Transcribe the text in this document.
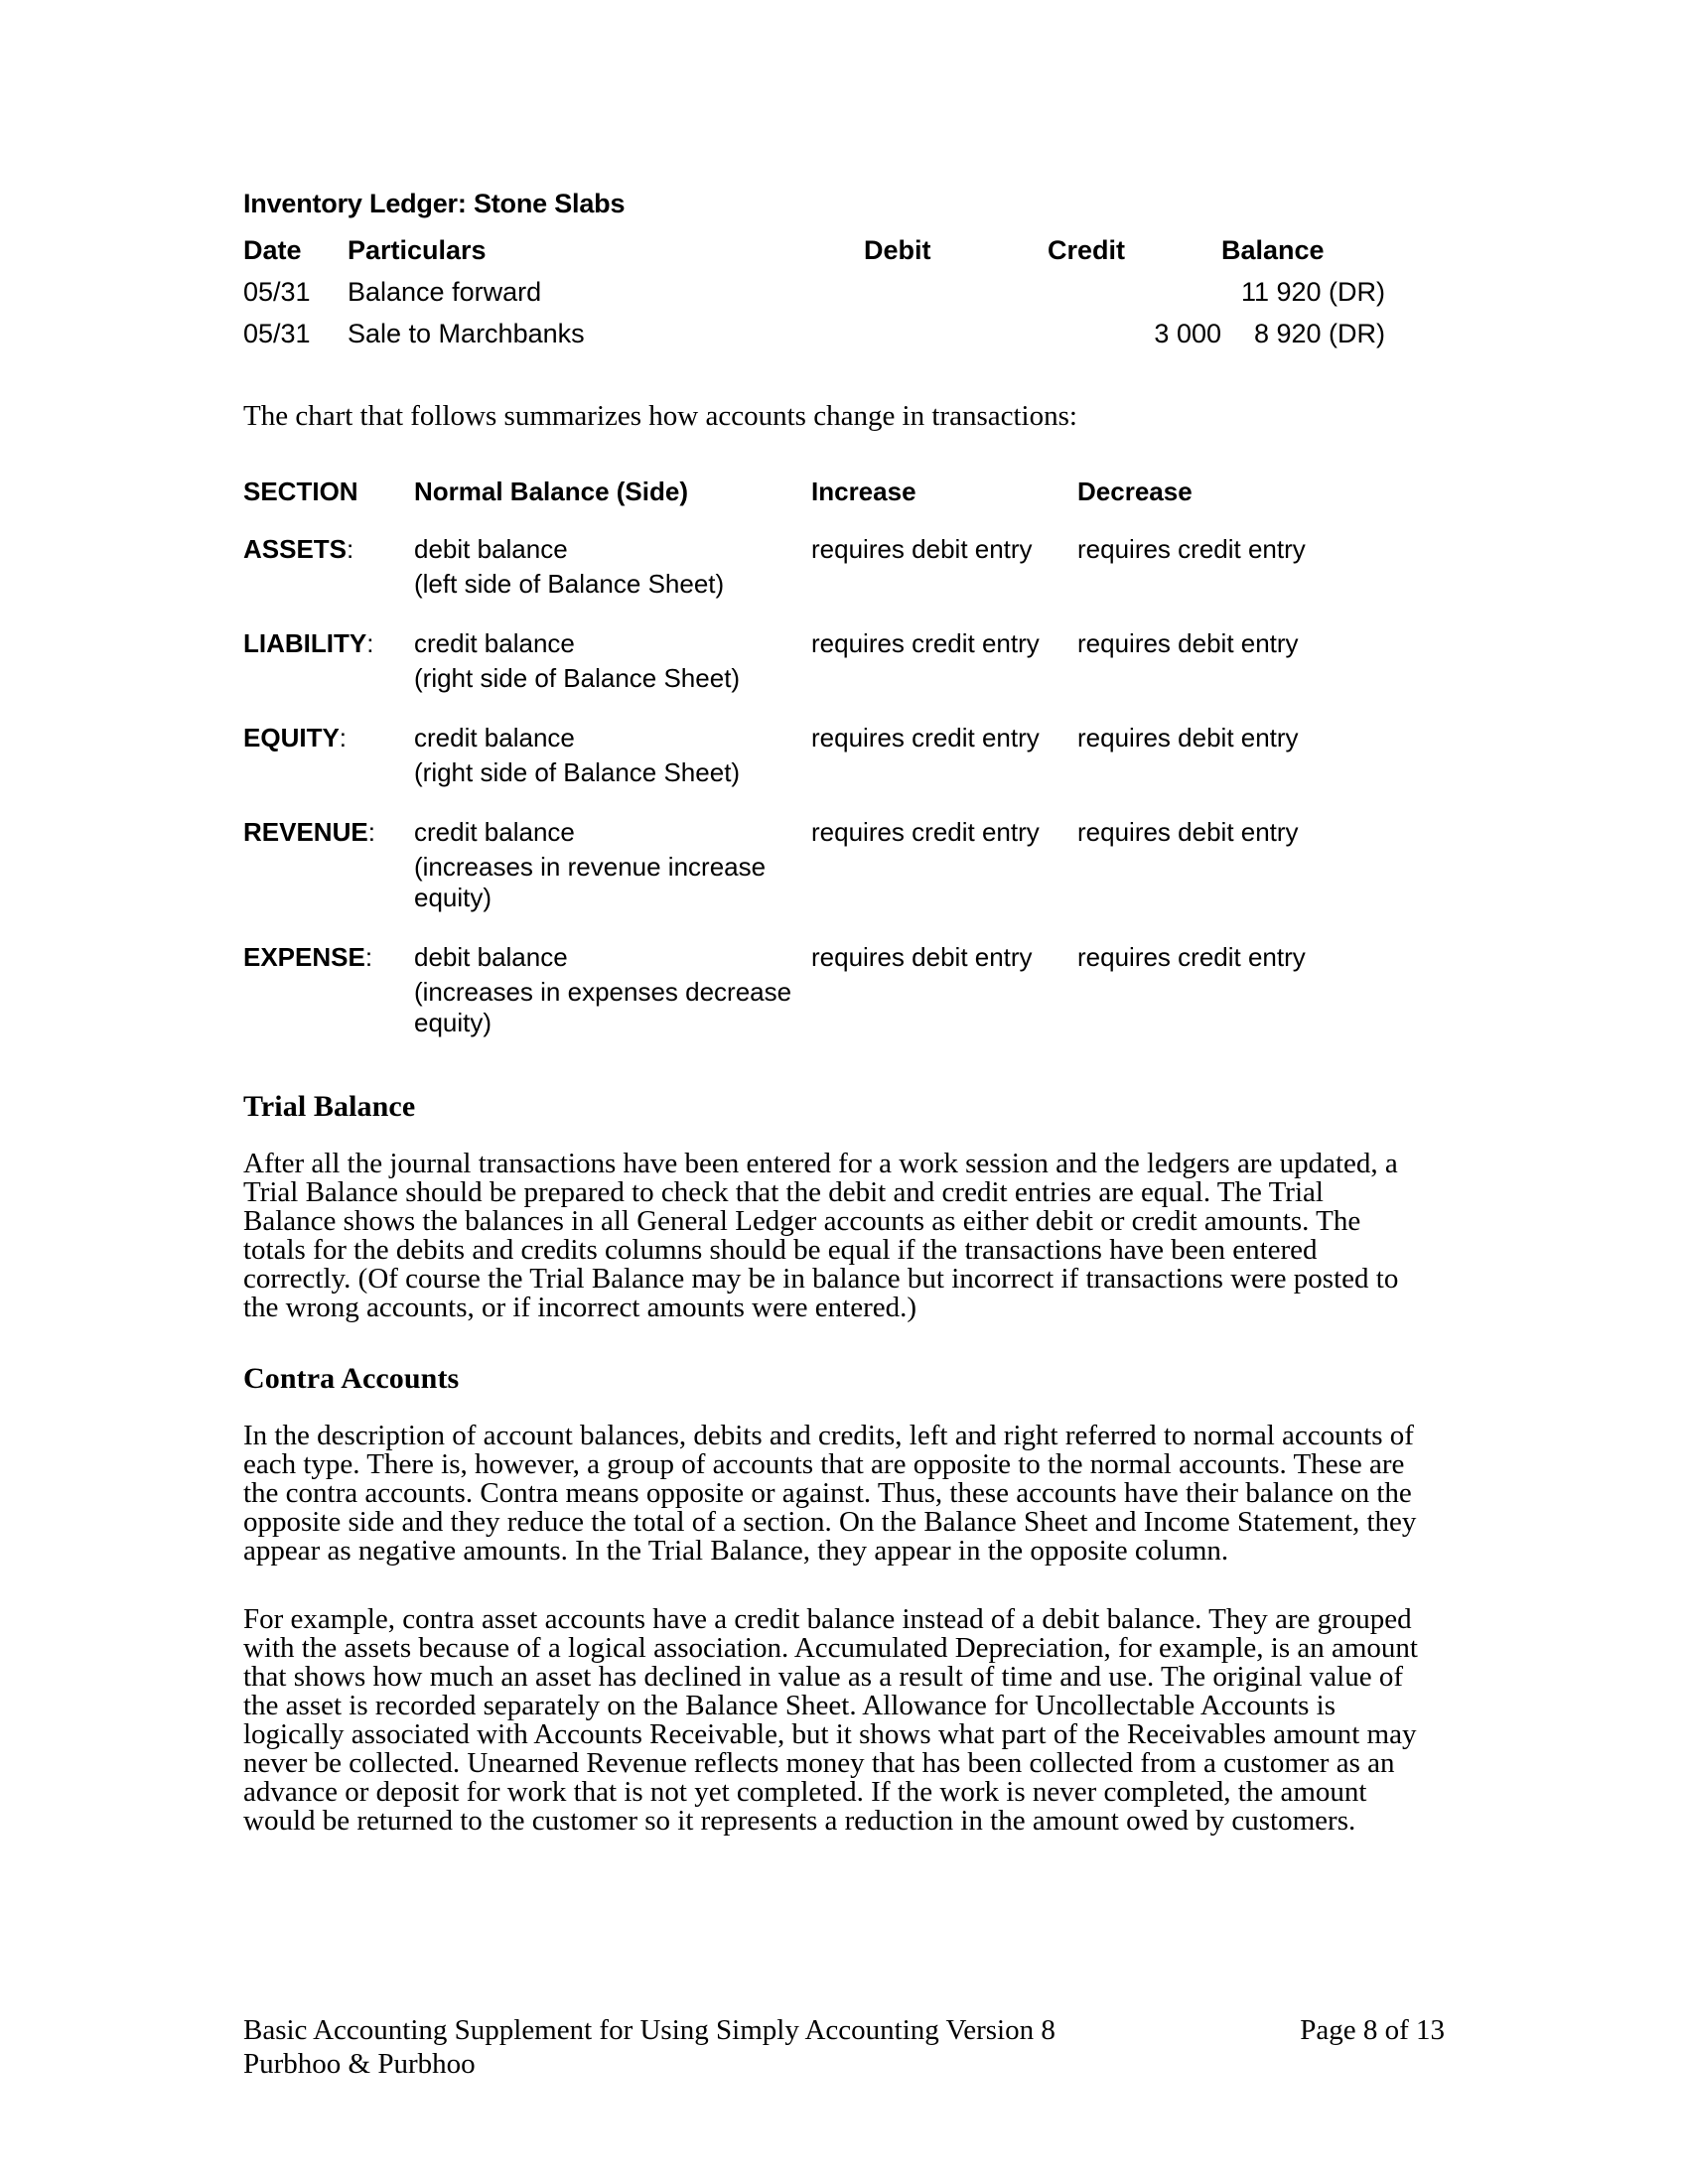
Inventory Ledger: Stone Slabs
Date	Particulars	Debit	Credit	Balance
05/31	Balance forward			11 920 (DR)
05/31	Sale to Marchbanks		3 000	8 920 (DR)

The chart that follows summarizes how accounts change in transactions:

SECTION	Normal Balance (Side)	Increase	Decrease
ASSETS:	debit balance	requires debit entry	requires credit entry
	(left side of Balance Sheet)		
LIABILITY:	credit balance	requires credit entry	requires debit entry
	(right side of Balance Sheet)		
EQUITY:	credit balance	requires credit entry	requires debit entry
	(right side of Balance Sheet)		
REVENUE:	credit balance	requires credit entry	requires debit entry
	(increases in revenue increase equity)		
EXPENSE:	debit balance	requires debit entry	requires credit entry
	(increases in expenses decrease equity)		
Trial Balance

After all the journal transactions have been entered for a work session and the ledgers are updated, a Trial Balance should be prepared to check that the debit and credit entries are equal. The Trial Balance shows the balances in all General Ledger accounts as either debit or credit amounts. The totals for the debits and credits columns should be equal if the transactions have been entered correctly. (Of course the Trial Balance may be in balance but incorrect if transactions were posted to the wrong accounts, or if incorrect amounts were entered.)

Contra Accounts

In the description of account balances, debits and credits, left and right referred to normal accounts of each type. There is, however, a group of accounts that are opposite to the normal accounts. These are the contra accounts. Contra means opposite or against. Thus, these accounts have their balance on the opposite side and they reduce the total of a section. On the Balance Sheet and Income Statement, they appear as negative amounts. In the Trial Balance, they appear in the opposite column.

For example, contra asset accounts have a credit balance instead of a debit balance. They are grouped with the assets because of a logical association. Accumulated Depreciation, for example, is an amount that shows how much an asset has declined in value as a result of time and use. The original value of the asset is recorded separately on the Balance Sheet. Allowance for Uncollectable Accounts is logically associated with Accounts Receivable, but it shows what part of the Receivables amount may never be collected. Unearned Revenue reflects money that has been collected from a customer as an advance or deposit for work that is not yet completed. If the work is never completed, the amount would be returned to the customer so it represents a reduction in the amount owed by customers.

Basic Accounting Supplement for Using Simply Accounting Version 8	Page 8 of 13
Purbhoo & Purbhoo
